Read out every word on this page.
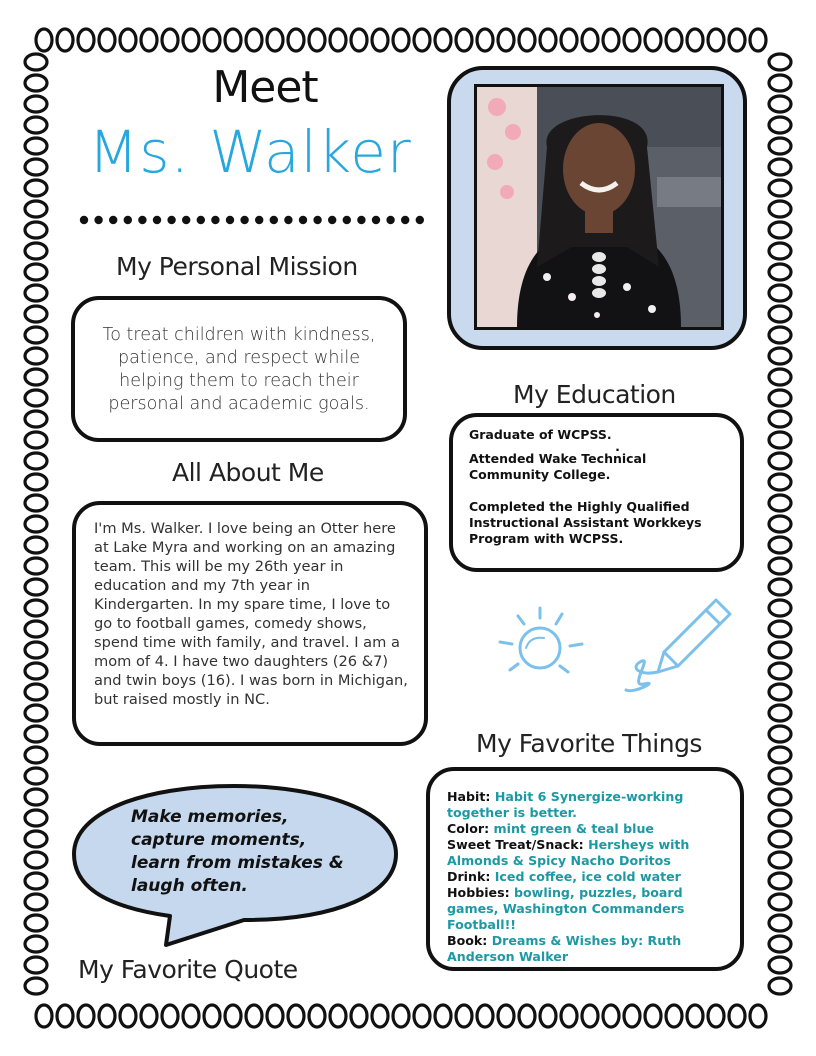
Meet
Ms. Walker
My Personal Mission

To treat children with kindness, patience, and respect while helping them to reach their personal and academic goals.

All About Me

I'm Ms. Walker. I love being an Otter here at Lake Myra and working on an amazing team. This will be my 26th year in education and my 7th year in Kindergarten. In my spare time, I love to go to football games, comedy shows, spend time with family, and travel. I am a mom of 4. I have two daughters (26 &7) and twin boys (16). I was born in Michigan, but raised mostly in NC.

My Education

Graduate of WCPSS.

.
Attended Wake Technical Community College.

Completed the Highly Qualified Instructional Assistant Workkeys Program with WCPSS.

My Favorite Things

Habit: Habit 6 Synergize-working together is better.
Color: mint green & teal blue
Sweet Treat/Snack: Hersheys with Almonds & Spicy Nacho Doritos
Drink: Iced coffee, ice cold water
Hobbies: bowling, puzzles, board games, Washington Commanders Football!!
Book: Dreams & Wishes by: Ruth Anderson Walker

Make memories,
capture moments,
learn from mistakes &
laugh often.
My Favorite Quote
